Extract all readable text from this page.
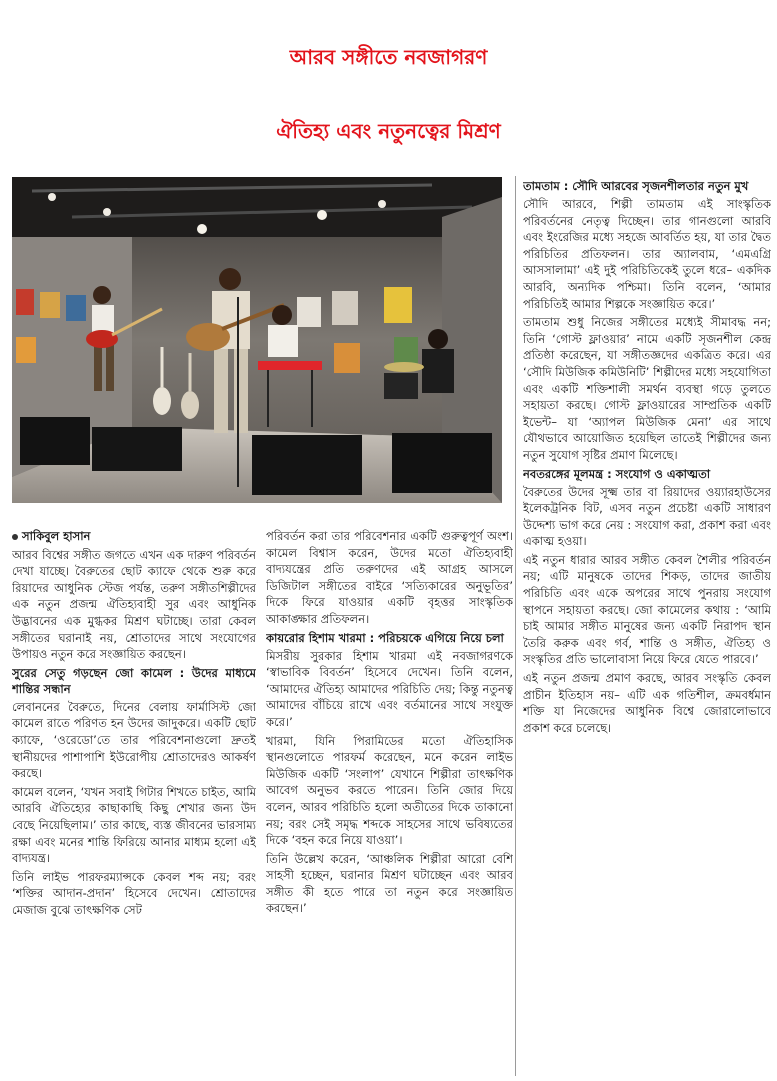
আরব সঙ্গীতে নবজাগরণ
ঐতিহ্য এবং নতুনত্বের মিশ্রণ

সাকিবুল হাসান

আরব বিশ্বের সঙ্গীত জগতে এখন এক দারুণ পরিবর্তন দেখা যাচ্ছে। বৈরুতের ছোট ক্যাফে থেকে শুরু করে রিয়াদের আধুনিক স্টেজ পর্যন্ত, তরুণ সঙ্গীতশিল্পীদের এক নতুন প্রজন্ম ঐতিহ্যবাহী সুর এবং আধুনিক উদ্ভাবনের এক মুগ্ধকর মিশ্রণ ঘটাচ্ছে। তারা কেবল সঙ্গীতের ঘরানাই নয়, শ্রোতাদের সাথে সংযোগের উপায়ও নতুন করে সংজ্ঞায়িত করছেন।

সুরের সেতু গড়ছেন জো কামেল : উদের মাধ্যমে শান্তির সন্ধান

লেবাননের বৈরুতে, দিনের বেলায় ফার্মাসিস্ট জো কামেল রাতে পরিণত হন উদের জাদুকরে। একটি ছোট ক্যাফে, ‘ওরেডো’তে তার পরিবেশনাগুলো দ্রুতই স্থানীয়দের পাশাপাশি ইউরোপীয় শ্রোতাদেরও আকর্ষণ করছে।

কামেল বলেন, ‘যখন সবাই গিটার শিখতে চাইত, আমি আরবি ঐতিহ্যের কাছাকাছি কিছু শেখার জন্য উদ বেছে নিয়েছিলাম।’ তার কাছে, ব্যস্ত জীবনের ভারসাম্য রক্ষা এবং মনের শান্তি ফিরিয়ে আনার মাধ্যম হলো এই বাদ্যযন্ত্র।

তিনি লাইভ পারফরম্যান্সকে কেবল শব্দ নয়; বরং ‘শক্তির আদান-প্রদান’ হিসেবে দেখেন। শ্রোতাদের মেজাজ বুঝে তাৎক্ষণিক সেট

পরিবর্তন করা তার পরিবেশনার একটি গুরুত্বপূর্ণ অংশ। কামেল বিশ্বাস করেন, উদের মতো ঐতিহ্যবাহী বাদ্যযন্ত্রের প্রতি তরুণদের এই আগ্রহ আসলে ডিজিটাল সঙ্গীতের বাইরে ‘সত্যিকারের অনুভূতির’ দিকে ফিরে যাওয়ার একটি বৃহত্তর সাংস্কৃতিক আকাঙ্ক্ষার প্রতিফলন।

কায়রোর হিশাম খারমা : পরিচয়কে এগিয়ে নিয়ে চলা

মিসরীয় সুরকার হিশাম খারমা এই নবজাগরণকে ‘স্বাভাবিক বিবর্তন’ হিসেবে দেখেন। তিনি বলেন, ‘আমাদের ঐতিহ্য আমাদের পরিচিতি দেয়; কিন্তু নতুনত্ব আমাদের বাঁচিয়ে রাখে এবং বর্তমানের সাথে সংযুক্ত করে।’

খারমা, যিনি পিরামিডের মতো ঐতিহাসিক স্থানগুলোতে পারফর্ম করেছেন, মনে করেন লাইভ মিউজিক একটি ‘সংলাপ’ যেখানে শিল্পীরা তাৎক্ষণিক আবেগ অনুভব করতে পারেন। তিনি জোর দিয়ে বলেন, আরব পরিচিতি হলো অতীতের দিকে তাকানো নয়; বরং সেই সমৃদ্ধ শব্দকে সাহসের সাথে ভবিষ্যতের দিকে ‘বহন করে নিয়ে যাওয়া’।

তিনি উল্লেখ করেন, ‘আঞ্চলিক শিল্পীরা আরো বেশি সাহসী হচ্ছেন, ঘরানার মিশ্রণ ঘটাচ্ছেন এবং আরব সঙ্গীত কী হতে পারে তা নতুন করে সংজ্ঞায়িত করছেন।’

তামতাম : সৌদি আরবের সৃজনশীলতার নতুন মুখ

সৌদি আরবে, শিল্পী তামতাম এই সাংস্কৃতিক পরিবর্তনের নেতৃত্ব দিচ্ছেন। তার গানগুলো আরবি এবং ইংরেজির মধ্যে সহজে আবর্তিত হয়, যা তার দ্বৈত পরিচিতির প্রতিফলন। তার অ্যালবাম, ‘এমএগ্রি আসসালামা’ এই দুই পরিচিতিকেই তুলে ধরে– একদিক আরবি, অন্যদিক পশ্চিমা। তিনি বলেন, ‘আমার পরিচিতিই আমার শিল্পকে সংজ্ঞায়িত করে।’

তামতাম শুধু নিজের সঙ্গীতের মধ্যেই সীমাবদ্ধ নন; তিনি ‘গোস্ট ফ্লাওয়ার’ নামে একটি সৃজনশীল কেন্দ্র প্রতিষ্ঠা করেছেন, যা সঙ্গীতজ্ঞদের একত্রিত করে। এর ‘সৌদি মিউজিক কমিউনিটি’ শিল্পীদের মধ্যে সহযোগিতা এবং একটি শক্তিশালী সমর্থন ব্যবস্থা গড়ে তুলতে সহায়তা করছে। গোস্ট ফ্লাওয়ারের সাম্প্রতিক একটি ইভেন্ট– যা ‘অ্যাপল মিউজিক মেনা’ এর সাথে যৌথভাবে আয়োজিত হয়েছিল তাতেই শিল্পীদের জন্য নতুন সুযোগ সৃষ্টির প্রমাণ মিলেছে।

নবতরঙ্গের মূলমন্ত্র : সংযোগ ও একাত্মতা

বৈরুতের উদের সূক্ষ্ম তার বা রিয়াদের ওয়্যারহাউসের ইলেকট্রনিক বিট, এসব নতুন প্রচেষ্টা একটি সাধারণ উদ্দেশ্য ভাগ করে নেয় : সংযোগ করা, প্রকাশ করা এবং একাত্ম হওয়া।

এই নতুন ধারার আরব সঙ্গীত কেবল শৈলীর পরিবর্তন নয়; এটি মানুষকে তাদের শিকড়, তাদের জাতীয় পরিচিতি এবং একে অপরের সাথে পুনরায় সংযোগ স্থাপনে সহায়তা করছে। জো কামেলের কথায় : ‘আমি চাই আমার সঙ্গীত মানুষের জন্য একটি নিরাপদ স্থান তৈরি করুক এবং গর্ব, শান্তি ও সঙ্গীত, ঐতিহ্য ও সংস্কৃতির প্রতি ভালোবাসা নিয়ে ফিরে যেতে পারবে।’

এই নতুন প্রজন্ম প্রমাণ করছে, আরব সংস্কৃতি কেবল প্রাচীন ইতিহাস নয়– এটি এক গতিশীল, ক্রমবর্ধমান শক্তি যা নিজেদের আধুনিক বিশ্বে জোরালোভাবে প্রকাশ করে চলেছে।
